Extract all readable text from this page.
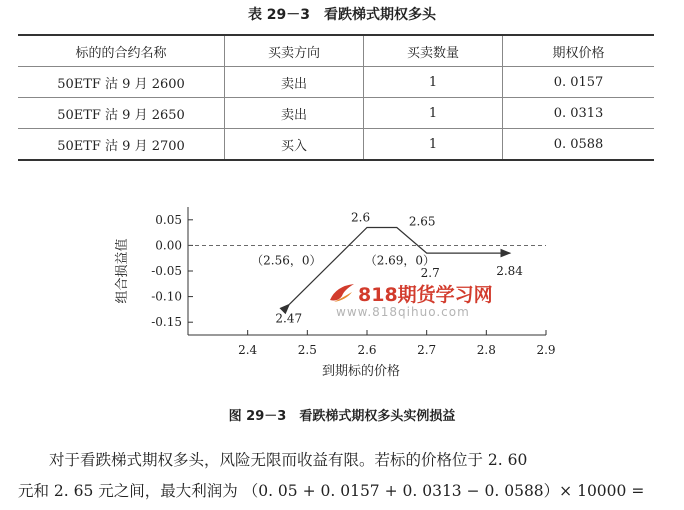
表 29－3　看跌梯式期权多头
标的的合约名称	买卖方向	买卖数量	期权价格
50ETF 沽 9 月 2600	卖出	1	0. 0157
50ETF 沽 9 月 2650	卖出	1	0. 0313
50ETF 沽 9 月 2700	买入	1	0. 0588
0.05
0.00
-0.05
-0.10
-0.15
2.4	2.5	2.6	2.7	2.8	2.9
2.6	2.65
（2.56，0）	（2.69，0）
2.7	2.84
2.47
到期标的价格
组合损益值	818期货学习网
www.818qihuo.com
图 29－3　看跌梯式期权多头实例损益

对于看跌梯式期权多头，风险无限而收益有限。若标的价格位于 2. 60

元和 2. 65 元之间，最大利润为 （0. 05 + 0. 0157 + 0. 0313 − 0. 0588）× 10000 =
